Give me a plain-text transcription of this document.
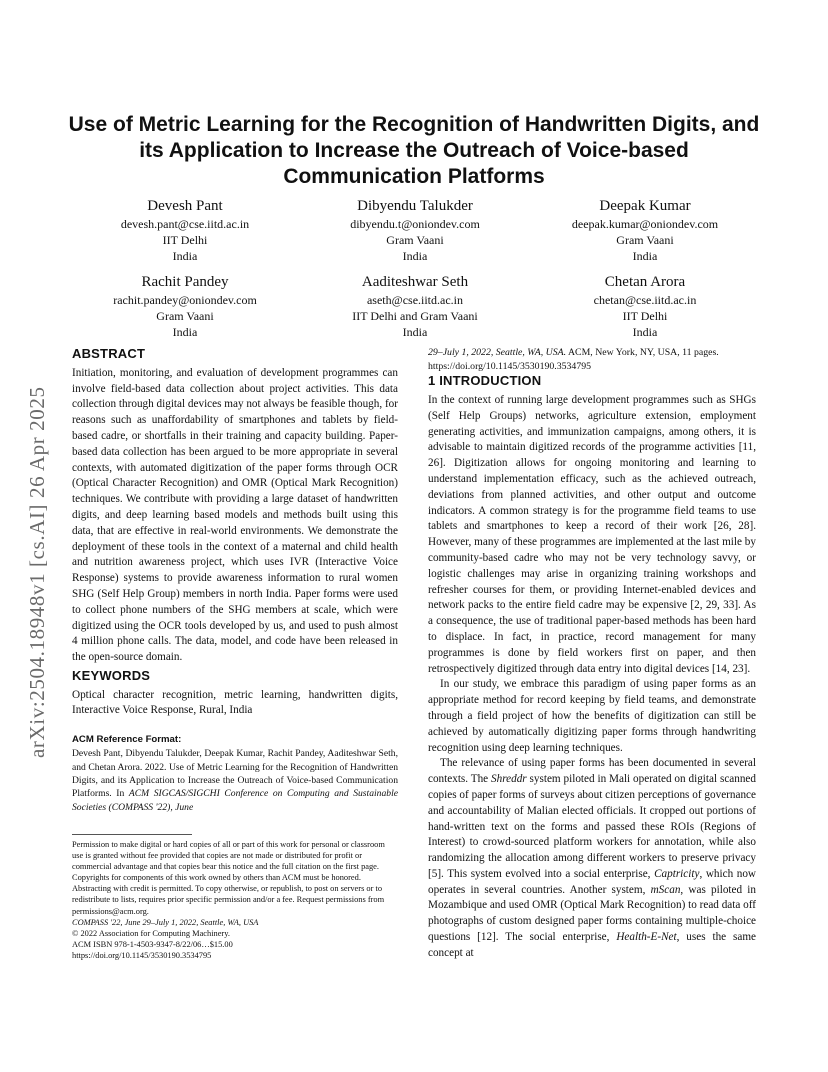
arXiv:2504.18948v1 [cs.AI] 26 Apr 2025
Use of Metric Learning for the Recognition of Handwritten Digits, and its Application to Increase the Outreach of Voice-based Communication Platforms
Devesh Pant
devesh.pant@cse.iitd.ac.in
IIT Delhi
India
Dibyendu Talukder
dibyendu.t@oniondev.com
Gram Vaani
India
Deepak Kumar
deepak.kumar@oniondev.com
Gram Vaani
India
Rachit Pandey
rachit.pandey@oniondev.com
Gram Vaani
India
Aaditeshwar Seth
aseth@cse.iitd.ac.in
IIT Delhi and Gram Vaani
India
Chetan Arora
chetan@cse.iitd.ac.in
IIT Delhi
India
ABSTRACT
Initiation, monitoring, and evaluation of development programmes can involve field-based data collection about project activities. This data collection through digital devices may not always be feasible though, for reasons such as unaffordability of smartphones and tablets by field-based cadre, or shortfalls in their training and capacity building. Paper-based data collection has been argued to be more appropriate in several contexts, with automated digitization of the paper forms through OCR (Optical Character Recognition) and OMR (Optical Mark Recognition) techniques. We contribute with providing a large dataset of handwritten digits, and deep learning based models and methods built using this data, that are effective in real-world environments. We demonstrate the deployment of these tools in the context of a maternal and child health and nutrition awareness project, which uses IVR (Interactive Voice Response) systems to provide awareness information to rural women SHG (Self Help Group) members in north India. Paper forms were used to collect phone numbers of the SHG members at scale, which were digitized using the OCR tools developed by us, and used to push almost 4 million phone calls. The data, model, and code have been released in the open-source domain.
KEYWORDS
Optical character recognition, metric learning, handwritten digits, Interactive Voice Response, Rural, India
ACM Reference Format:
Devesh Pant, Dibyendu Talukder, Deepak Kumar, Rachit Pandey, Aaditeshwar Seth, and Chetan Arora. 2022. Use of Metric Learning for the Recognition of Handwritten Digits, and its Application to Increase the Outreach of Voice-based Communication Platforms. In ACM SIGCAS/SIGCHI Conference on Computing and Sustainable Societies (COMPASS '22), June
Permission to make digital or hard copies of all or part of this work for personal or classroom use is granted without fee provided that copies are not made or distributed for profit or commercial advantage and that copies bear this notice and the full citation on the first page. Copyrights for components of this work owned by others than ACM must be honored. Abstracting with credit is permitted. To copy otherwise, or republish, to post on servers or to redistribute to lists, requires prior specific permission and/or a fee. Request permissions from permissions@acm.org.
COMPASS '22, June 29–July 1, 2022, Seattle, WA, USA
© 2022 Association for Computing Machinery.
ACM ISBN 978-1-4503-9347-8/22/06…$15.00
https://doi.org/10.1145/3530190.3534795
29–July 1, 2022, Seattle, WA, USA. ACM, New York, NY, USA, 11 pages. https://doi.org/10.1145/3530190.3534795
1 INTRODUCTION

In the context of running large development programmes such as SHGs (Self Help Groups) networks, agriculture extension, employment generating activities, and immunization campaigns, among others, it is advisable to maintain digitized records of the programme activities [11, 26]. Digitization allows for ongoing monitoring and learning to understand implementation efficacy, such as the achieved outreach, deviations from planned activities, and other output and outcome indicators. A common strategy is for the programme field teams to use tablets and smartphones to keep a record of their work [26, 28]. However, many of these programmes are implemented at the last mile by community-based cadre who may not be very technology savvy, or logistic challenges may arise in organizing training workshops and refresher courses for them, or providing Internet-enabled devices and network packs to the entire field cadre may be expensive [2, 29, 33]. As a consequence, the use of traditional paper-based methods has been hard to displace. In fact, in practice, record management for many programmes is done by field workers first on paper, and then retrospectively digitized through data entry into digital devices [14, 23].

In our study, we embrace this paradigm of using paper forms as an appropriate method for record keeping by field teams, and demonstrate through a field project of how the benefits of digitization can still be achieved by automatically digitizing paper forms through handwriting recognition using deep learning techniques.

The relevance of using paper forms has been documented in several contexts. The Shreddr system piloted in Mali operated on digital scanned copies of paper forms of surveys about citizen perceptions of governance and accountability of Malian elected officials. It cropped out portions of hand-written text on the forms and passed these ROIs (Regions of Interest) to crowd-sourced platform workers for annotation, while also randomizing the allocation among different workers to preserve privacy [5]. This system evolved into a social enterprise, Captricity, which now operates in several countries. Another system, mScan, was piloted in Mozambique and used OMR (Optical Mark Recognition) to read data off photographs of custom designed paper forms containing multiple-choice questions [12]. The social enterprise, Health-E-Net, uses the same concept at
